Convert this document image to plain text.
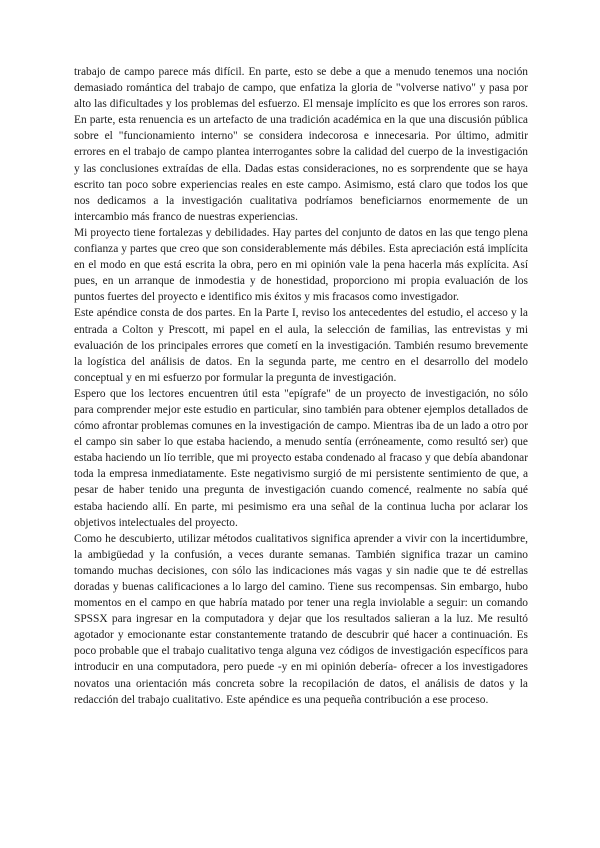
trabajo de campo parece más difícil. En parte, esto se debe a que a menudo tenemos una noción demasiado romántica del trabajo de campo, que enfatiza la gloria de "volverse nativo" y pasa por alto las dificultades y los problemas del esfuerzo. El mensaje implícito es que los errores son raros. En parte, esta renuencia es un artefacto de una tradición académica en la que una discusión pública sobre el "funcionamiento interno" se considera indecorosa e innecesaria. Por último, admitir errores en el trabajo de campo plantea interrogantes sobre la calidad del cuerpo de la investigación y las conclusiones extraídas de ella. Dadas estas consideraciones, no es sorprendente que se haya escrito tan poco sobre experiencias reales en este campo. Asimismo, está claro que todos los que nos dedicamos a la investigación cualitativa podríamos beneficiarnos enormemente de un intercambio más franco de nuestras experiencias.

Mi proyecto tiene fortalezas y debilidades. Hay partes del conjunto de datos en las que tengo plena confianza y partes que creo que son considerablemente más débiles. Esta apreciación está implícita en el modo en que está escrita la obra, pero en mi opinión vale la pena hacerla más explícita. Así pues, en un arranque de inmodestia y de honestidad, proporciono mi propia evaluación de los puntos fuertes del proyecto e identifico mis éxitos y mis fracasos como investigador.

Este apéndice consta de dos partes. En la Parte I, reviso los antecedentes del estudio, el acceso y la entrada a Colton y Prescott, mi papel en el aula, la selección de familias, las entrevistas y mi evaluación de los principales errores que cometí en la investigación. También resumo brevemente la logística del análisis de datos. En la segunda parte, me centro en el desarrollo del modelo conceptual y en mi esfuerzo por formular la pregunta de investigación.

Espero que los lectores encuentren útil esta "epígrafe" de un proyecto de investigación, no sólo para comprender mejor este estudio en particular, sino también para obtener ejemplos detallados de cómo afrontar problemas comunes en la investigación de campo. Mientras iba de un lado a otro por el campo sin saber lo que estaba haciendo, a menudo sentía (erróneamente, como resultó ser) que estaba haciendo un lío terrible, que mi proyecto estaba condenado al fracaso y que debía abandonar toda la empresa inmediatamente. Este negativismo surgió de mi persistente sentimiento de que, a pesar de haber tenido una pregunta de investigación cuando comencé, realmente no sabía qué estaba haciendo allí. En parte, mi pesimismo era una señal de la continua lucha por aclarar los objetivos intelectuales del proyecto.

Como he descubierto, utilizar métodos cualitativos significa aprender a vivir con la incertidumbre, la ambigüedad y la confusión, a veces durante semanas. También significa trazar un camino tomando muchas decisiones, con sólo las indicaciones más vagas y sin nadie que te dé estrellas doradas y buenas calificaciones a lo largo del camino. Tiene sus recompensas. Sin embargo, hubo momentos en el campo en que habría matado por tener una regla inviolable a seguir: un comando SPSSX para ingresar en la computadora y dejar que los resultados salieran a la luz. Me resultó agotador y emocionante estar constantemente tratando de descubrir qué hacer a continuación. Es poco probable que el trabajo cualitativo tenga alguna vez códigos de investigación específicos para introducir en una computadora, pero puede -y en mi opinión debería- ofrecer a los investigadores novatos una orientación más concreta sobre la recopilación de datos, el análisis de datos y la redacción del trabajo cualitativo. Este apéndice es una pequeña contribución a ese proceso.
